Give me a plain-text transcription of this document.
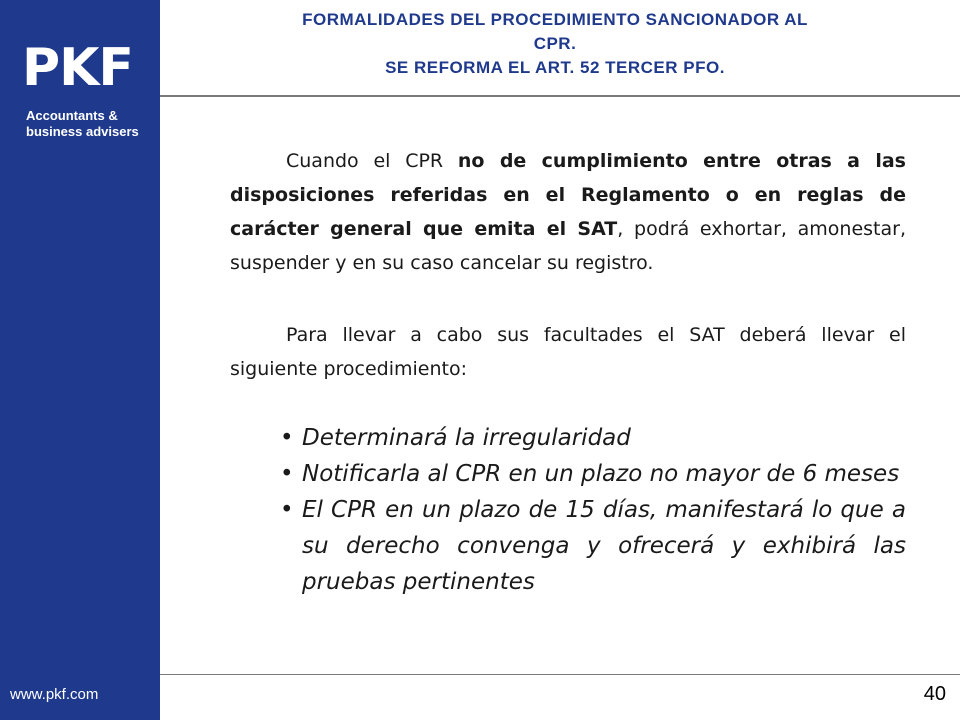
PKF
Accountants &
business advisers
www.pkf.com
FORMALIDADES DEL PROCEDIMIENTO SANCIONADOR AL
CPR.
SE REFORMA EL ART. 52 TERCER PFO.

Cuando el CPR no de cumplimiento entre otras a las disposiciones referidas en el Reglamento o en reglas de carácter general que emita el SAT, podrá exhortar, amonestar, suspender y en su caso cancelar su registro.

Para llevar a cabo sus facultades el SAT deberá llevar el siguiente procedimiento:

• Determinará la irregularidad
• Notificarla al CPR en un plazo no mayor de 6 meses
• El CPR en un plazo de 15 días, manifestará lo que a su derecho convenga y ofrecerá y exhibirá las pruebas pertinentes
40
